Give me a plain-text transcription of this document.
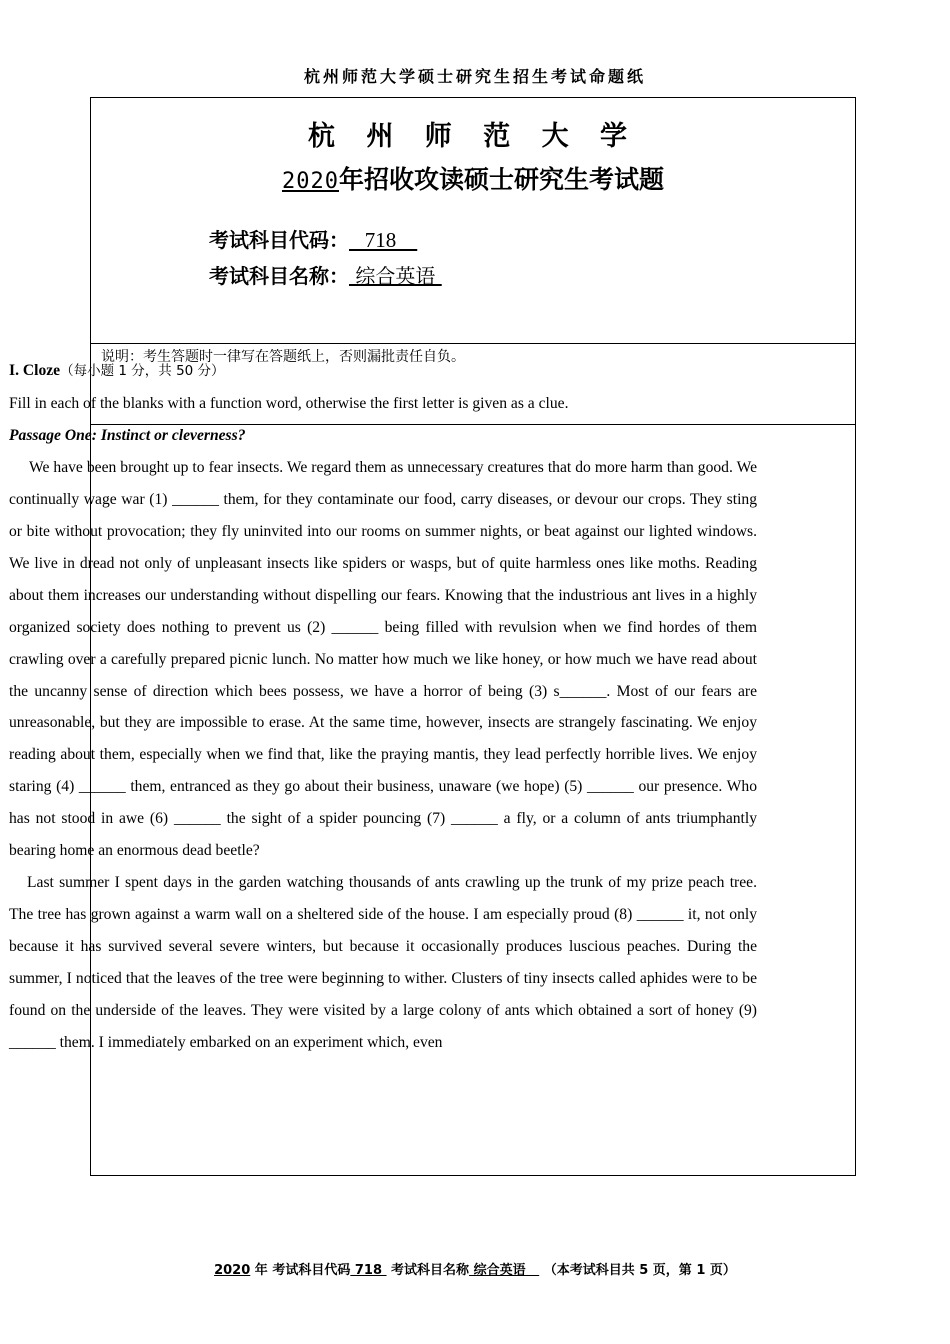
杭州师范大学硕士研究生招生考试命题纸
杭 州 师 范 大 学
2020年招收攻读硕士研究生考试题
考试科目代码：   718
考试科目名称： 综合英语
说明：考生答题时一律写在答题纸上，否则漏批责任自负。

I. Cloze（每小题 1 分，共 50 分）

Fill in each of the blanks with a function word, otherwise the first letter is given as a clue.

Passage One: Instinct or cleverness?

We have been brought up to fear insects. We regard them as unnecessary creatures that do more harm than good. We continually wage war (1) ______ them, for they contaminate our food, carry diseases, or devour our crops. They sting or bite without provocation; they fly uninvited into our rooms on summer nights, or beat against our lighted windows. We live in dread not only of unpleasant insects like spiders or wasps, but of quite harmless ones like moths. Reading about them increases our understanding without dispelling our fears. Knowing that the industrious ant lives in a highly organized society does nothing to prevent us (2) ______ being filled with revulsion when we find hordes of them crawling over a carefully prepared picnic lunch. No matter how much we like honey, or how much we have read about the uncanny sense of direction which bees possess, we have a horror of being (3) s______. Most of our fears are unreasonable, but they are impossible to erase. At the same time, however, insects are strangely fascinating. We enjoy reading about them, especially when we find that, like the praying mantis, they lead perfectly horrible lives. We enjoy staring (4) ______ them, entranced as they go about their business, unaware (we hope) (5) ______ our presence. Who has not stood in awe (6) ______ the sight of a spider pouncing (7) ______ a fly, or a column of ants triumphantly bearing home an enormous dead beetle?

Last summer I spent days in the garden watching thousands of ants crawling up the trunk of my prize peach tree. The tree has grown against a warm wall on a sheltered side of the house. I am especially proud (8) ______ it, not only because it has survived several severe winters, but because it occasionally produces luscious peaches. During the summer, I noticed that the leaves of the tree were beginning to wither. Clusters of tiny insects called aphides were to be found on the underside of the leaves. They were visited by a large colony of ants which obtained a sort of honey (9) ______ them. I immediately embarked on an experiment which, even

2020 年 考试科目代码 718  考试科目名称 综合英语    （本考试科目共 5 页，第 1 页）
